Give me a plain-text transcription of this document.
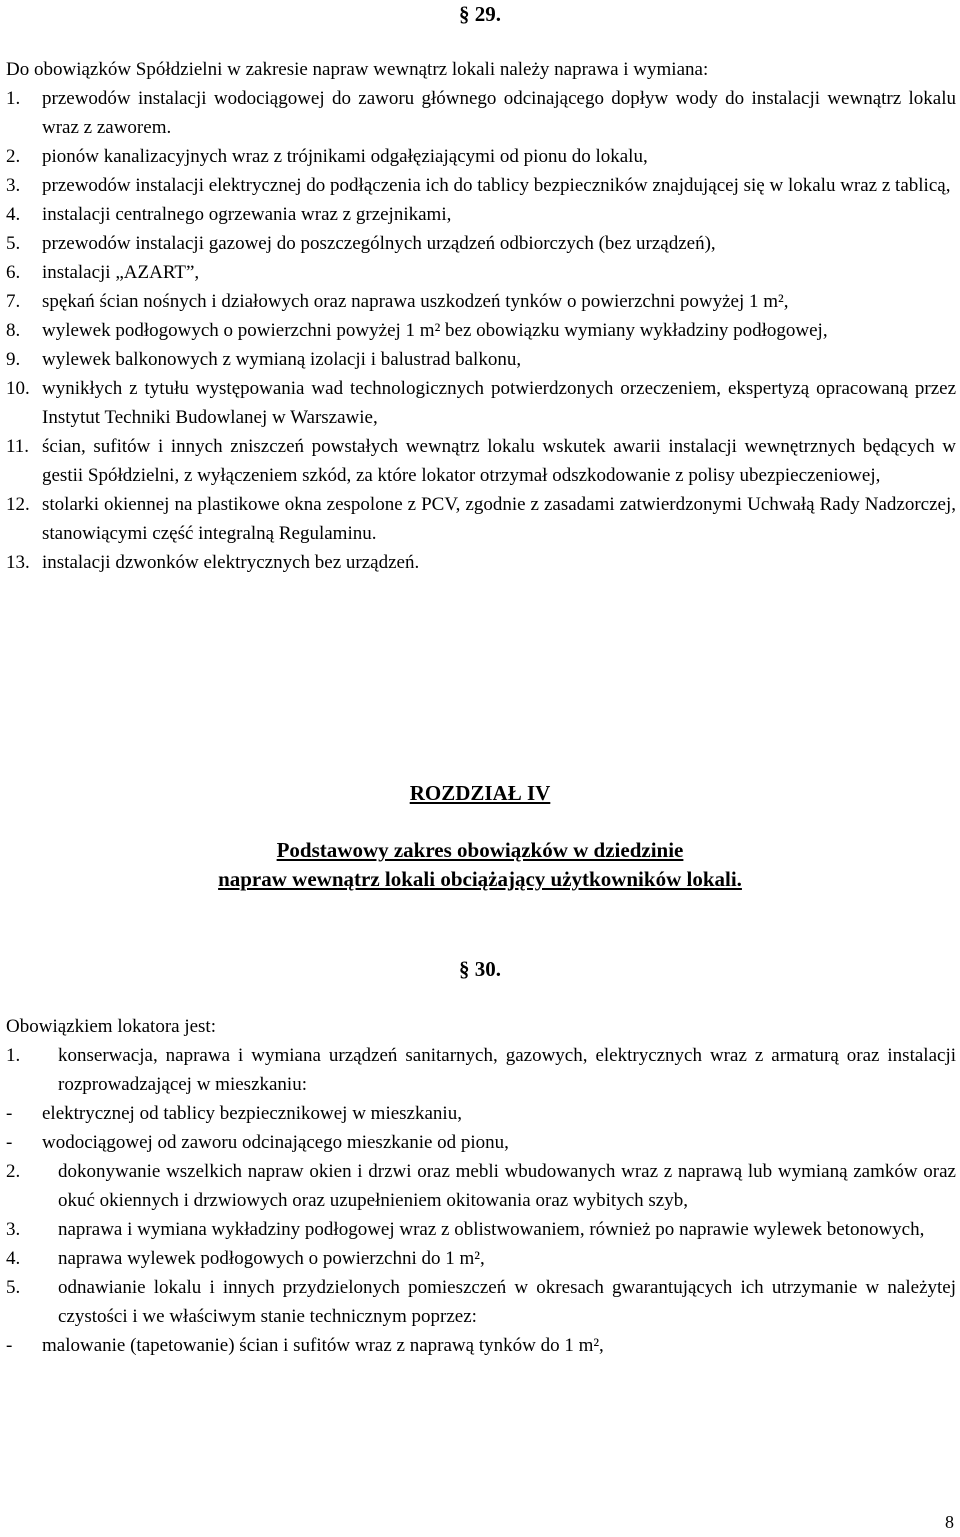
§ 29.
Do obowiązków Spółdzielni w zakresie napraw wewnątrz lokali należy naprawa i wymiana:
1.	przewodów instalacji wodociągowej do zaworu głównego odcinającego dopływ wody do instalacji wewnątrz lokalu wraz z zaworem.
2.	pionów kanalizacyjnych wraz z trójnikami odgałęziającymi od pionu do lokalu,
3.	przewodów instalacji elektrycznej do podłączenia ich do tablicy bezpieczników znajdującej się w lokalu wraz z tablicą,
4.	instalacji centralnego ogrzewania wraz z grzejnikami,
5.	przewodów instalacji gazowej do poszczególnych urządzeń odbiorczych (bez urządzeń),
6.	instalacji „AZART”,
7.	spękań ścian nośnych i działowych oraz naprawa uszkodzeń tynków o powierzchni powyżej 1 m²,
8.	wylewek podłogowych o powierzchni powyżej 1 m² bez obowiązku wymiany wykładziny podłogowej,
9.	wylewek balkonowych z wymianą izolacji i balustrad balkonu,
10. wynikłych z tytułu występowania wad technologicznych potwierdzonych orzeczeniem, ekspertyzą opracowaną przez Instytut Techniki Budowlanej w Warszawie,
11. ścian, sufitów i innych zniszczeń powstałych wewnątrz lokalu wskutek awarii instalacji wewnętrznych będących w gestii Spółdzielni, z wyłączeniem szkód, za które lokator otrzymał odszkodowanie z polisy ubezpieczeniowej,
12. stolarki okiennej na plastikowe okna zespolone z PCV, zgodnie z zasadami zatwierdzonymi Uchwałą Rady Nadzorczej, stanowiącymi część integralną Regulaminu.
13. instalacji dzwonków elektrycznych bez urządzeń.
ROZDZIAŁ IV
Podstawowy zakres obowiązków w dziedzinie
napraw wewnątrz lokali obciążający użytkowników lokali.
§ 30.
Obowiązkiem lokatora jest:
1.	konserwacja, naprawa i wymiana urządzeń sanitarnych, gazowych, elektrycznych wraz z armaturą oraz instalacji rozprowadzającej w mieszkaniu:
-	elektrycznej od tablicy bezpiecznikowej w mieszkaniu,
-	wodociągowej od zaworu odcinającego mieszkanie od pionu,
2.	dokonywanie wszelkich napraw okien i drzwi oraz mebli wbudowanych wraz z naprawą lub wymianą zamków oraz okuć okiennych i drzwiowych oraz uzupełnieniem okitowania oraz wybitych szyb,
3.	naprawa i wymiana wykładziny podłogowej wraz z oblistwowaniem, również po naprawie wylewek betonowych,
4.	naprawa wylewek podłogowych o powierzchni do 1 m²,
5.	odnawianie lokalu i innych przydzielonych pomieszczeń w okresach gwarantujących ich utrzymanie w należytej czystości i we właściwym stanie technicznym poprzez:
-	malowanie (tapetowanie) ścian i sufitów wraz z naprawą tynków do 1 m²,
8
